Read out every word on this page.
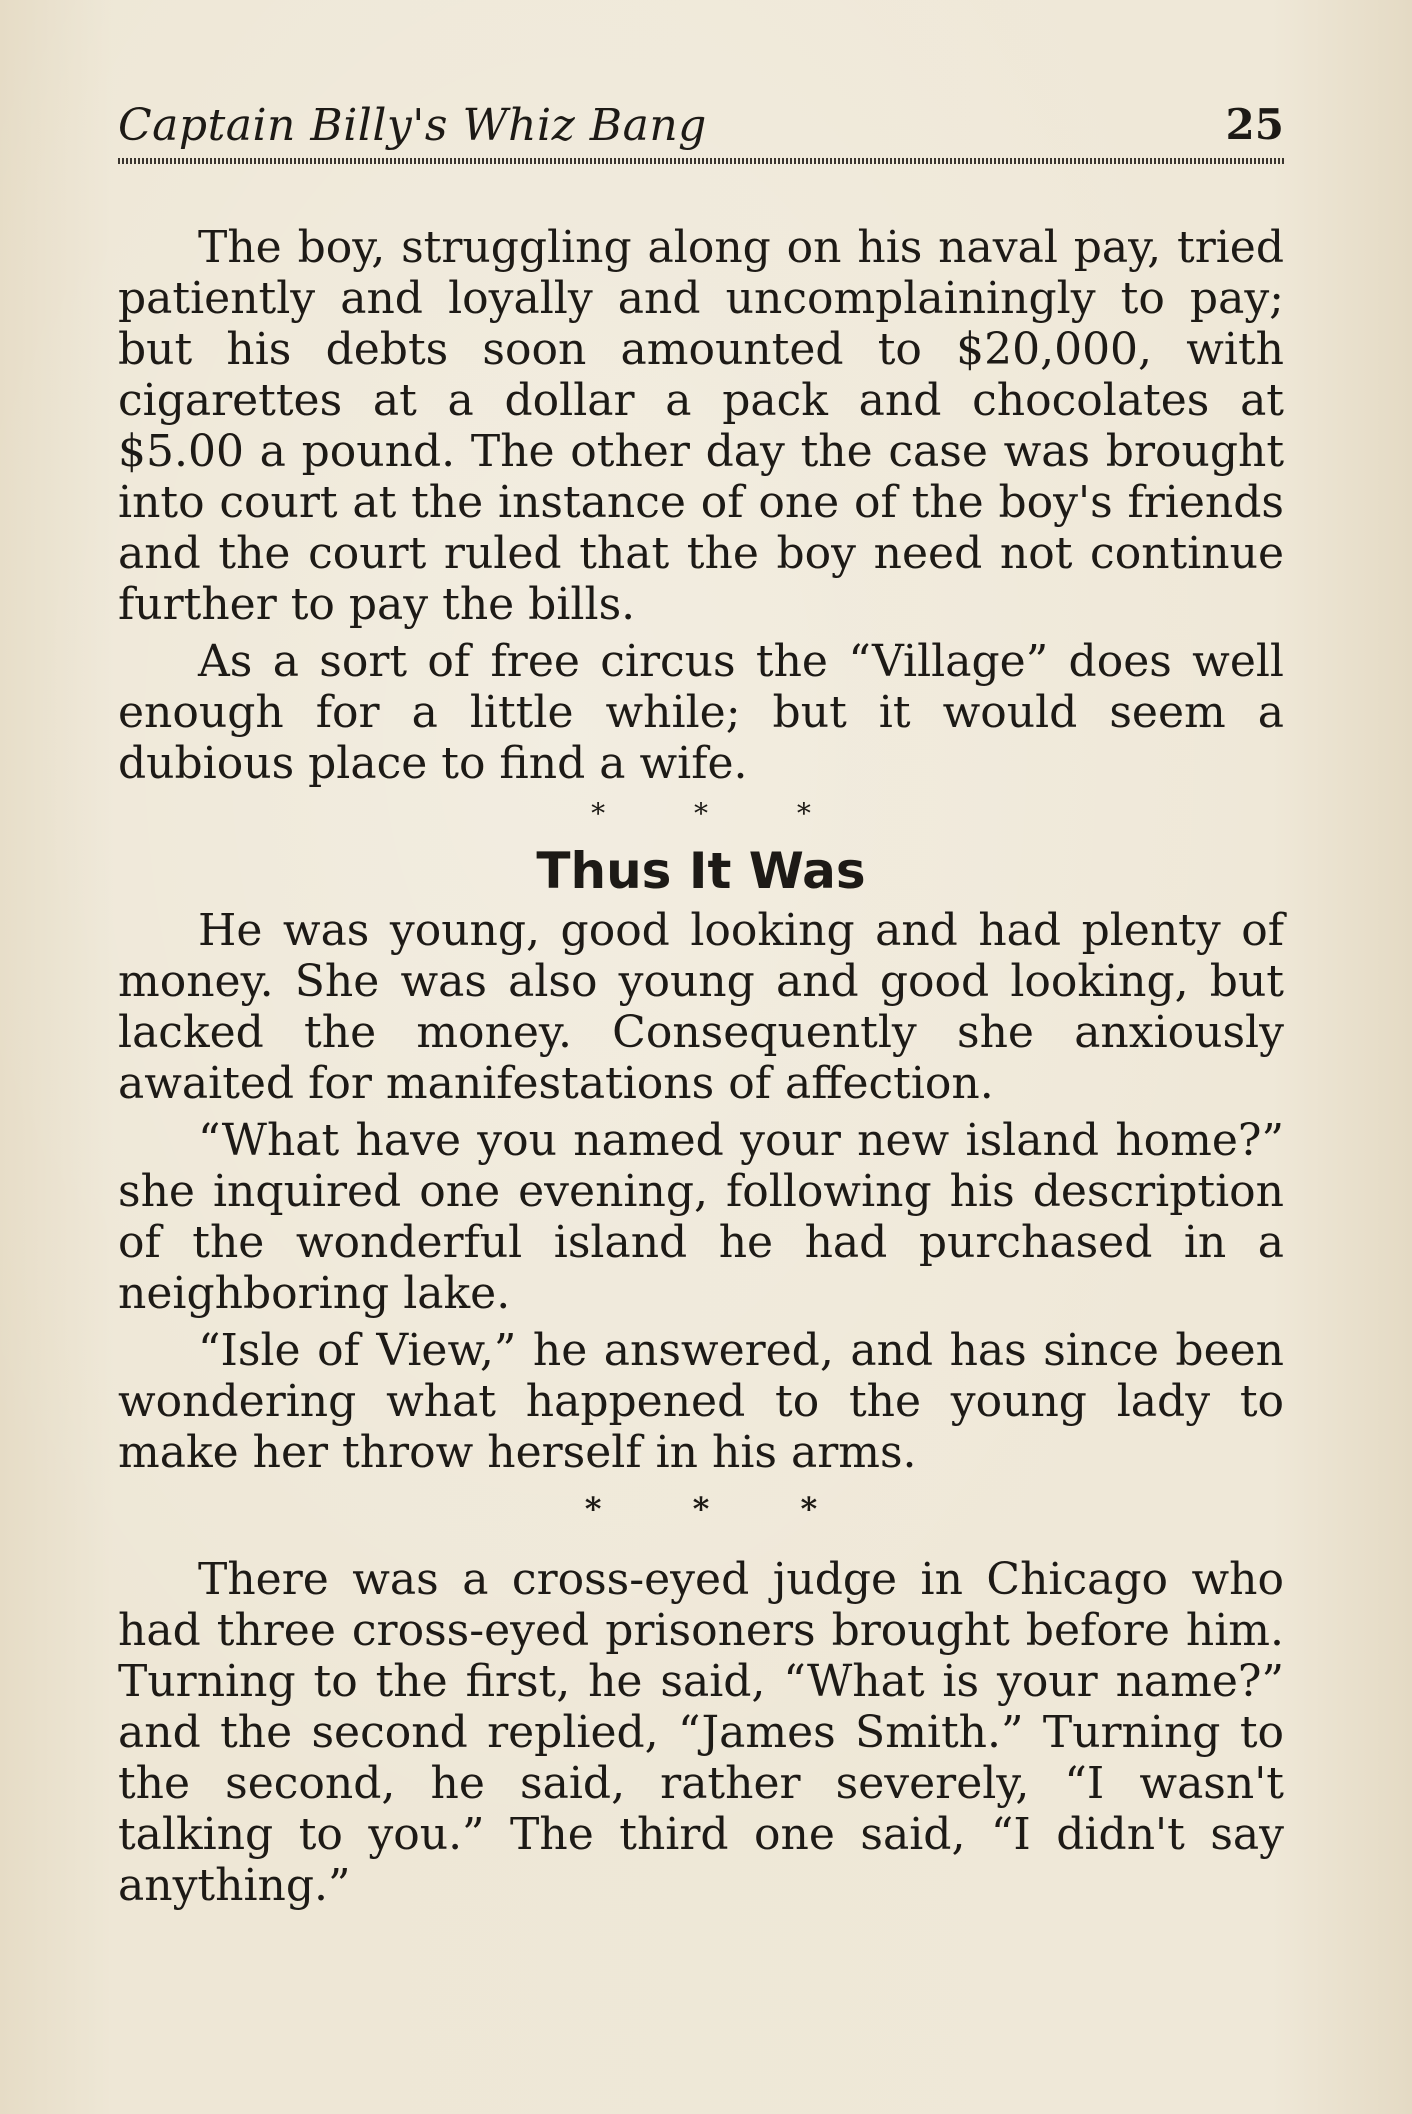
Captain Billy's Whiz Bang	25

The boy, struggling along on his naval pay, tried patiently and loyally and uncomplainingly to pay; but his debts soon amounted to $20,000, with cigarettes at a dollar a pack and chocolates at $5.00 a pound. The other day the case was brought into court at the instance of one of the boy's friends and the court ruled that the boy need not continue further to pay the bills.

As a sort of free circus the “Village” does well enough for a little while; but it would seem a dubious place to find a wife.

* * *
Thus It Was

He was young, good looking and had plenty of money. She was also young and good looking, but lacked the money. Consequently she anxiously awaited for manifestations of affection.

“What have you named your new island home?” she inquired one evening, following his description of the wonderful island he had purchased in a neighboring lake.

“Isle of View,” he answered, and has since been wondering what happened to the young lady to make her throw herself in his arms.

* * *

There was a cross-eyed judge in Chicago who had three cross-eyed prisoners brought before him. Turning to the first, he said, “What is your name?” and the second replied, “James Smith.” Turning to the second, he said, rather severely, “I wasn't talking to you.” The third one said, “I didn't say anything.”
